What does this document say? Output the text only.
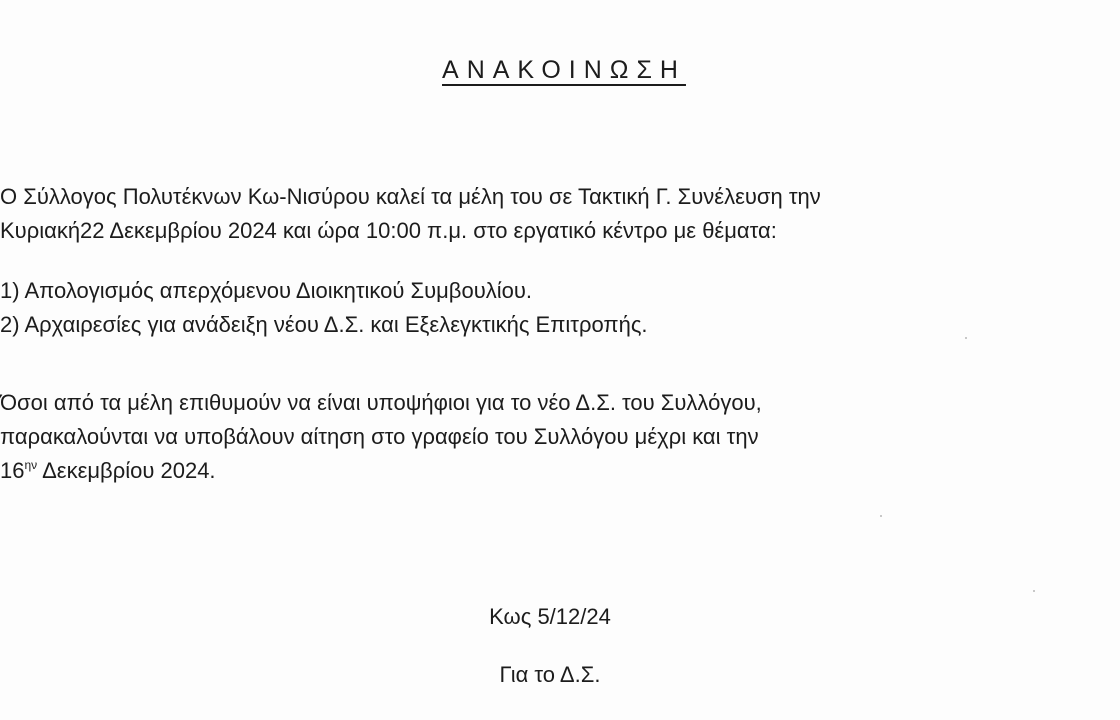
ΑΝΑΚΟΙΝΩΣΗ

Ο Σύλλογος Πολυτέκνων Κω-Νισύρου καλεί τα μέλη του σε Τακτική Γ. Συνέλευση την
Κυριακή22 Δεκεμβρίου 2024 και ώρα 10:00 π.μ. στο εργατικό κέντρο με θέματα:

1) Απολογισμός απερχόμενου Διοικητικού Συμβουλίου.
2) Αρχαιρεσίες για ανάδειξη νέου Δ.Σ. και Εξελεγκτικής Επιτροπής.

Όσοι από τα μέλη επιθυμούν να είναι υποψήφιοι για το νέο Δ.Σ. του Συλλόγου,
παρακαλούνται να υποβάλουν αίτηση στο γραφείο του Συλλόγου μέχρι και την
$16^{\eta\nu}$ Δεκεμβρίου 2024.

Κως 5/12/24

Για το Δ.Σ.
